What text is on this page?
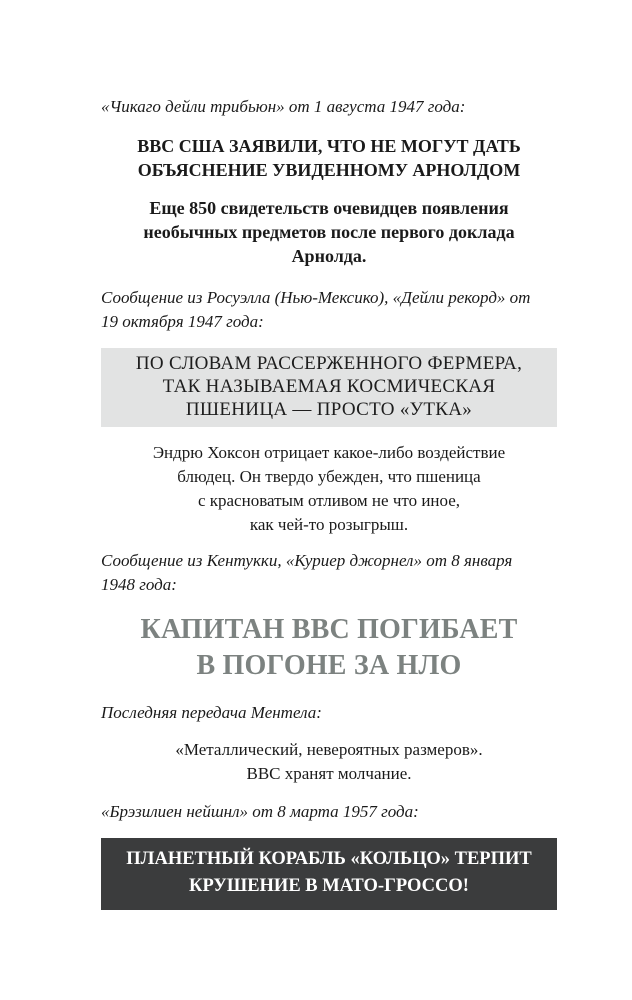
«Чикаго дейли трибьюн» от 1 августа 1947 года:
ВВС США ЗАЯВИЛИ, ЧТО НЕ МОГУТ ДАТЬ
ОБЪЯСНЕНИЕ УВИДЕННОМУ АРНОЛДОМ
Еще 850 свидетельств очевидцев появления
необычных предметов после первого доклада
Арнолда.
Сообщение из Росуэлла (Нью-Мексико), «Дейли рекорд» от
19 октября 1947 года:
ПО СЛОВАМ РАССЕРЖЕННОГО ФЕРМЕРА,
ТАК НАЗЫВАЕМАЯ КОСМИЧЕСКАЯ
ПШЕНИЦА — ПРОСТО «УТКА»
Эндрю Хоксон отрицает какое-либо воздействие
блюдец. Он твердо убежден, что пшеница
с красноватым отливом не что иное,
как чей-то розыгрыш.
Сообщение из Кентукки, «Куриер джорнел» от 8 января
1948 года:
КАПИТАН ВВС ПОГИБАЕТ
В ПОГОНЕ ЗА НЛО
Последняя передача Ментела:
«Металлический, невероятных размеров».
ВВС хранят молчание.
«Брэзилиен нейшнл» от 8 марта 1957 года:
ПЛАНЕТНЫЙ КОРАБЛЬ «КОЛЬЦО» ТЕРПИТ
КРУШЕНИЕ В МАТО-ГРОССО!
